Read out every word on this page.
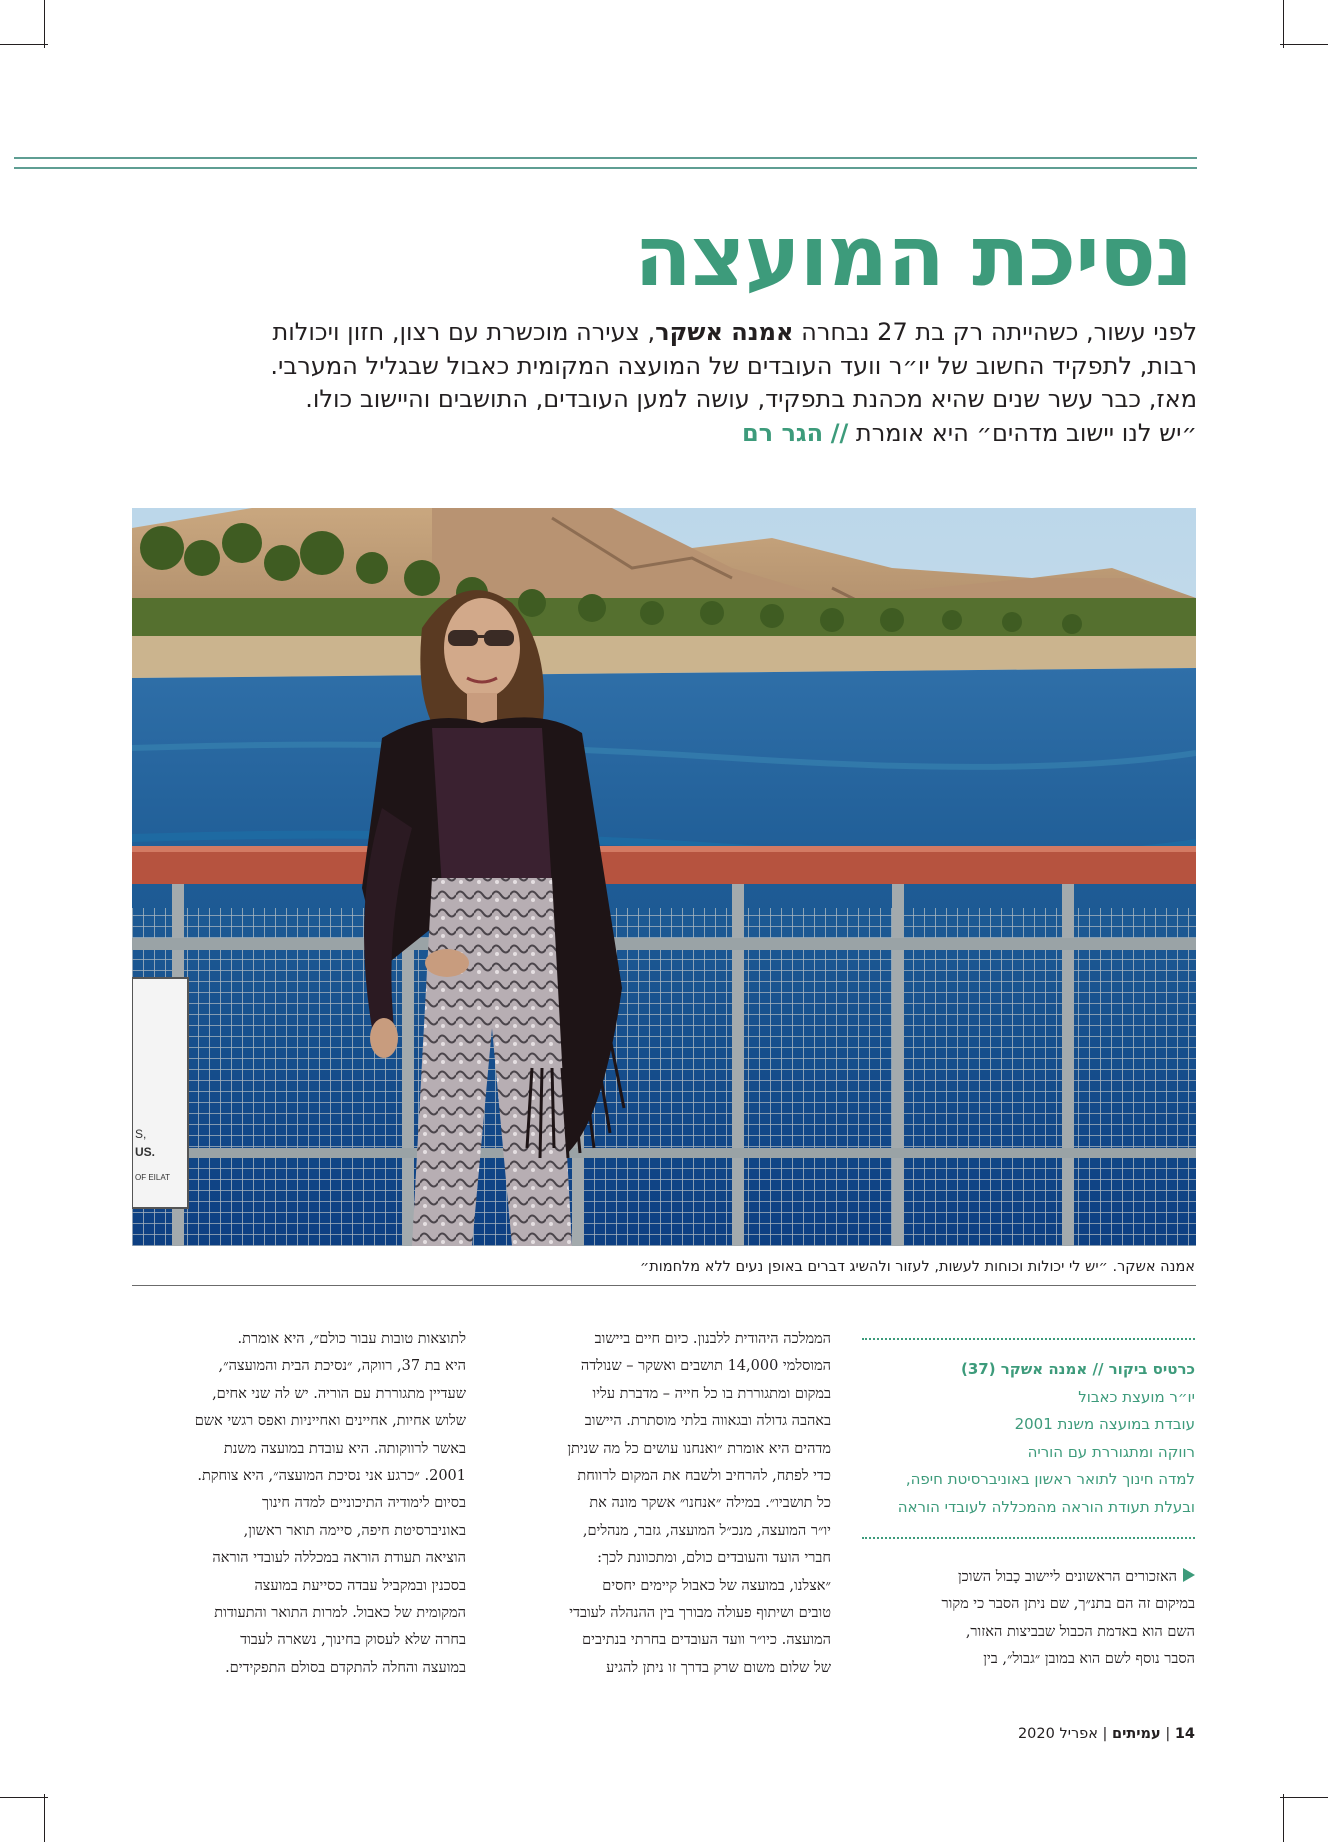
נסיכת המועצה

לפני עשור, כשהייתה רק בת 27 נבחרה אמנה אשקר, צעירה מוכשרת עם רצון, חזון ויכולות
רבות, לתפקיד החשוב של יו״ר וועד העובדים של המועצה המקומית כאבול שבגליל המערבי.
מאז, כבר עשר שנים שהיא מכהנת בתפקיד, עושה למען העובדים, התושבים והיישוב כולו.
״יש לנו יישוב מדהים״ היא אומרת // הגר רם

S,
US.
OF EILAT

אמנה אשקר. ״יש לי יכולות וכוחות לעשות, לעזור ולהשיג דברים באופן נעים ללא מלחמות״

כרטיס ביקור // אמנה אשקר (37)
יו״ר מועצת כאבול
עובדת במועצה משנת 2001
רווקה ומתגוררת עם הוריה
למדה חינוך לתואר ראשון באוניברסיטת חיפה,
ובעלת תעודת הוראה מהמכללה לעובדי הוראה

האזכורים הראשונים ליישוב כָבול השוכן
במיקום זה הם בתנ״ך, שם ניתן הסבר כי מקור
השם הוא באדמת הכבול שבביצות האזור,
הסבר נוסף לשם הוא במובן ״גבול״, בין

הממלכה היהודית ללבנון. כיום חיים ביישוב
המוסלמי 14,000 תושבים ואשקר – שנולדה
במקום ומתגוררת בו כל חייה – מדברת עליו
באהבה גדולה ובגאווה בלתי מוסתרת. היישוב
מדהים היא אומרת ״ואנחנו עושים כל מה שניתן
כדי לפתח, להרחיב ולשבח את המקום לרווחת
כל תושביו״. במילה ״אנחנו״ אשקר מונה את
יו״ר המועצה, מנכ״ל המועצה, גזבר, מנהלים,
חברי הועד והעובדים כולם, ומתכוונת לכך:
״אצלנו, במועצה של כאבול קיימים יחסים
טובים ושיתוף פעולה מבורך בין ההנהלה לעובדי
המועצה. כיו״ר וועד העובדים בחרתי בנתיבים
של שלום משום שרק בדרך זו ניתן להגיע

לתוצאות טובות עבור כולם״, היא אומרת.
היא בת 37, רווקה, ״נסיכת הבית והמועצה״,
שעדיין מתגוררת עם הוריה. יש לה שני אחים,
שלוש אחיות, אחיינים ואחייניות ואפס רגשי אשם
באשר לרווקותה. היא עובדת במועצה משנת
2001. ״כרגע אני נסיכת המועצה״, היא צוחקת.
בסיום לימודיה התיכוניים למדה חינוך
באוניברסיטת חיפה, סיימה תואר ראשון,
הוציאה תעודת הוראה במכללה לעובדי הוראה
בסכנין ובמקביל עבדה כסייעת במועצה
המקומית של כאבול. למרות התואר והתעודות
בחרה שלא לעסוק בחינוך, נשארה לעבוד
במועצה והחלה להתקדם בסולם התפקידים.

14 | עמיתים | אפריל 2020
